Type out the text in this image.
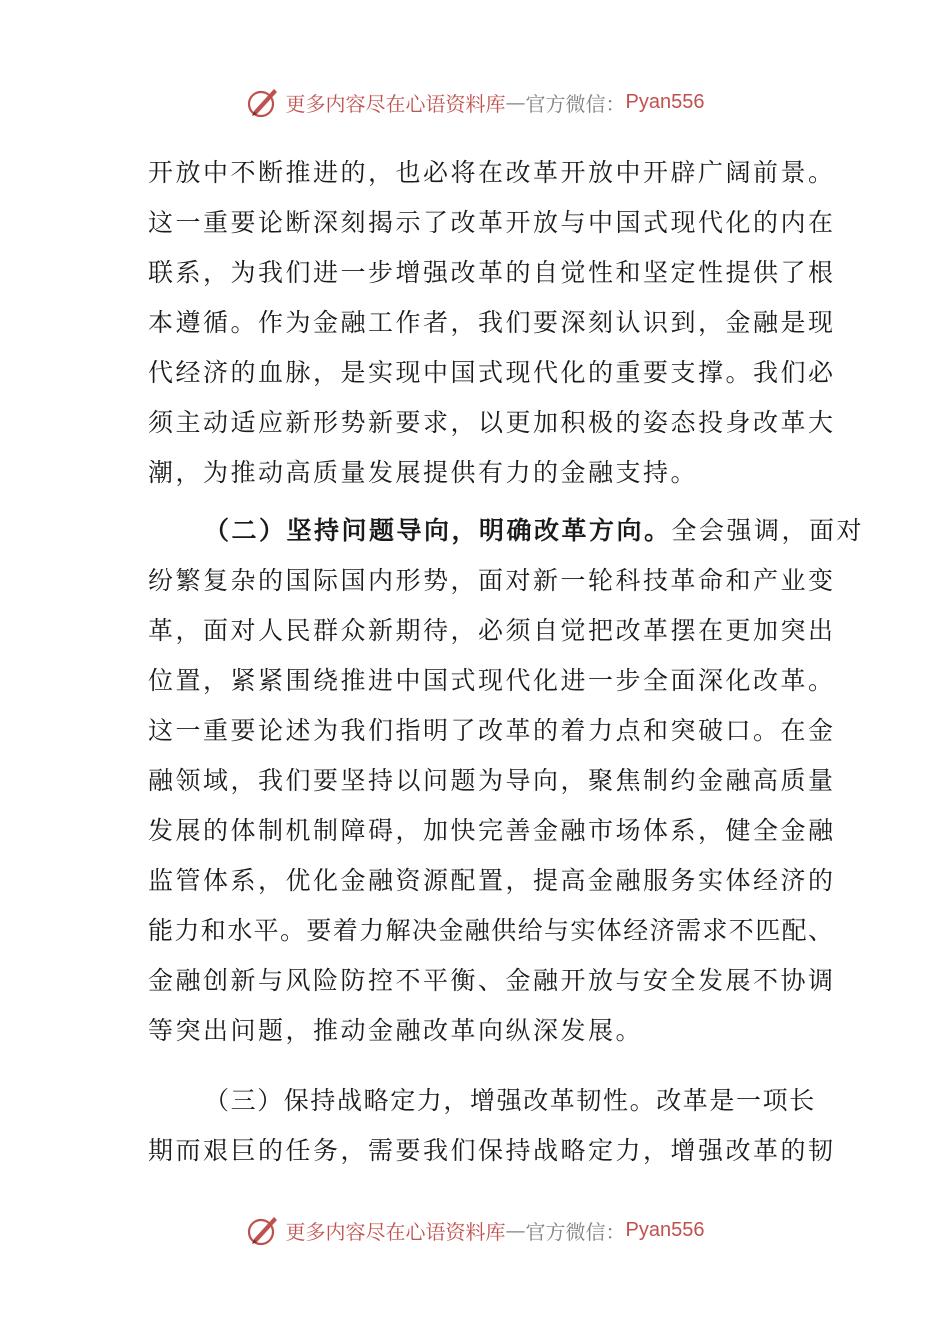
更多内容尽在心语资料库 — 官方微信： Pyan556
开放中不断推进的，也必将在改革开放中开辟广阔前景。
这一重要论断深刻揭示了改革开放与中国式现代化的内在
联系，为我们进一步增强改革的自觉性和坚定性提供了根
本遵循。作为金融工作者，我们要深刻认识到，金融是现
代经济的血脉，是实现中国式现代化的重要支撑。我们必
须主动适应新形势新要求，以更加积极的姿态投身改革大
潮，为推动高质量发展提供有力的金融支持。
（二）坚持问题导向，明确改革方向。全会强调，面对
纷繁复杂的国际国内形势，面对新一轮科技革命和产业变
革，面对人民群众新期待，必须自觉把改革摆在更加突出
位置，紧紧围绕推进中国式现代化进一步全面深化改革。
这一重要论述为我们指明了改革的着力点和突破口。在金
融领域，我们要坚持以问题为导向，聚焦制约金融高质量
发展的体制机制障碍，加快完善金融市场体系，健全金融
监管体系，优化金融资源配置，提高金融服务实体经济的
能力和水平。要着力解决金融供给与实体经济需求不匹配、
金融创新与风险防控不平衡、金融开放与安全发展不协调
等突出问题，推动金融改革向纵深发展。
（三）保持战略定力，增强改革韧性。改革是一项长
期而艰巨的任务，需要我们保持战略定力，增强改革的韧
更多内容尽在心语资料库 — 官方微信： Pyan556
